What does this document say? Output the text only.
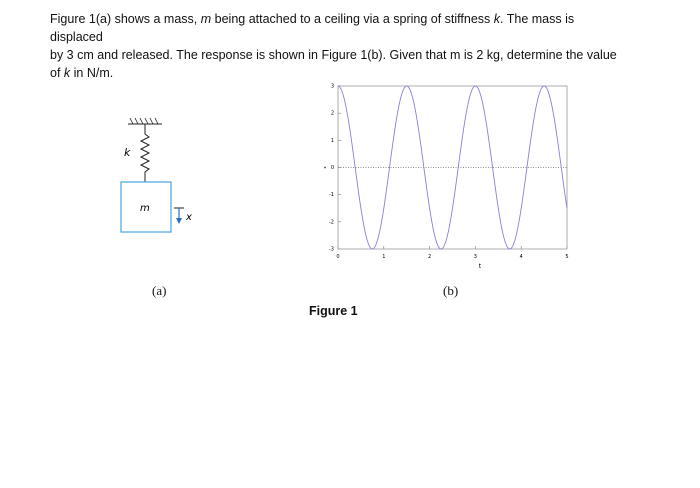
Figure 1(a) shows a mass, m being attached to a ceiling via a spring of stiffness k. The mass is displaced

by 3 cm and released. The response is shown in Figure 1(b). Given that m is 2 kg, determine the value

of k in N/m.

k
m
x
(a)
3
2
1
0
-1
-2
-3
0	1	2	3	4	5
t
(b)
Figure 1
